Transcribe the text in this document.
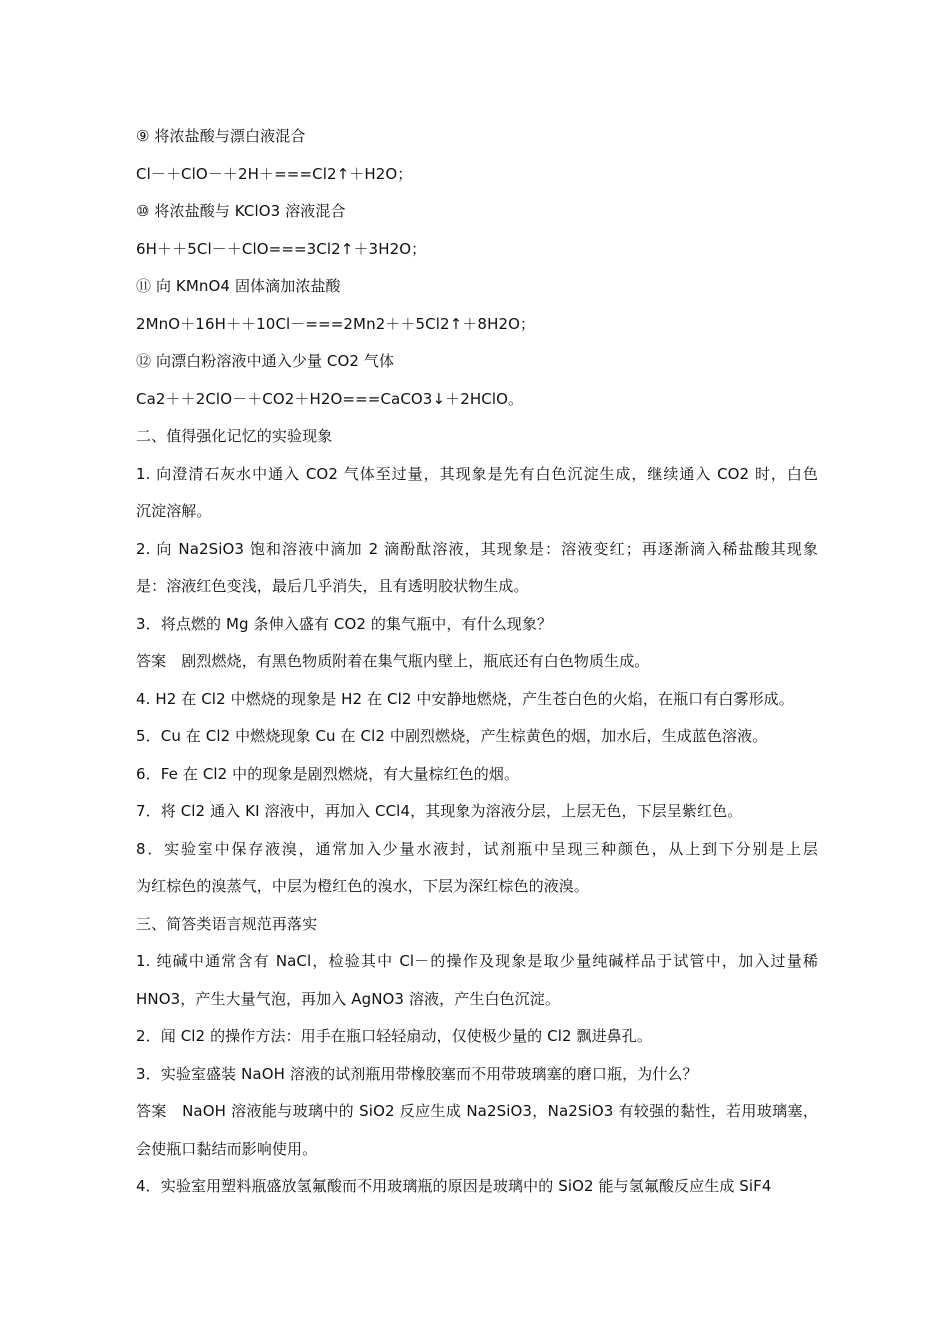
⑨ 将浓盐酸与漂白液混合
Cl－＋ClO－＋2H＋===Cl2↑＋H2O；
⑩ 将浓盐酸与 KClO3 溶液混合
6H＋＋5Cl－＋ClO===3Cl2↑＋3H2O；
⑪ 向 KMnO4 固体滴加浓盐酸
2MnO＋16H＋＋10Cl－===2Mn2＋＋5Cl2↑＋8H2O；
⑫ 向漂白粉溶液中通入少量 CO2 气体
Ca2＋＋2ClO－＋CO2＋H2O===CaCO3↓＋2HClO。
二、值得强化记忆的实验现象
1. 向澄清石灰水中通入 CO2 气体至过量，其现象是先有白色沉淀生成，继续通入 CO2 时，白色
沉淀溶解。
2. 向 Na2SiO3 饱和溶液中滴加 2 滴酚酞溶液，其现象是：溶液变红；再逐渐滴入稀盐酸其现象
是：溶液红色变浅，最后几乎消失，且有透明胶状物生成。
3．将点燃的 Mg 条伸入盛有 CO2 的集气瓶中，有什么现象？
答案　剧烈燃烧，有黑色物质附着在集气瓶内壁上，瓶底还有白色物质生成。
4. H2 在 Cl2 中燃烧的现象是 H2 在 Cl2 中安静地燃烧，产生苍白色的火焰，在瓶口有白雾形成。
5．Cu 在 Cl2 中燃烧现象 Cu 在 Cl2 中剧烈燃烧，产生棕黄色的烟，加水后，生成蓝色溶液。
6．Fe 在 Cl2 中的现象是剧烈燃烧，有大量棕红色的烟。
7．将 Cl2 通入 KI 溶液中，再加入 CCl4，其现象为溶液分层，上层无色，下层呈紫红色。
8．实验室中保存液溴，通常加入少量水液封，试剂瓶中呈现三种颜色，从上到下分别是上层
为红棕色的溴蒸气，中层为橙红色的溴水，下层为深红棕色的液溴。
三、简答类语言规范再落实
1. 纯碱中通常含有 NaCl，检验其中 Cl－的操作及现象是取少量纯碱样品于试管中，加入过量稀
HNO3，产生大量气泡，再加入 AgNO3 溶液，产生白色沉淀。
2．闻 Cl2 的操作方法：用手在瓶口轻轻扇动，仅使极少量的 Cl2 飘进鼻孔。
3．实验室盛装 NaOH 溶液的试剂瓶用带橡胶塞而不用带玻璃塞的磨口瓶，为什么？
答案　NaOH 溶液能与玻璃中的 SiO2 反应生成 Na2SiO3，Na2SiO3 有较强的黏性，若用玻璃塞，
会使瓶口黏结而影响使用。
4．实验室用塑料瓶盛放氢氟酸而不用玻璃瓶的原因是玻璃中的 SiO2 能与氢氟酸反应生成 SiF4
